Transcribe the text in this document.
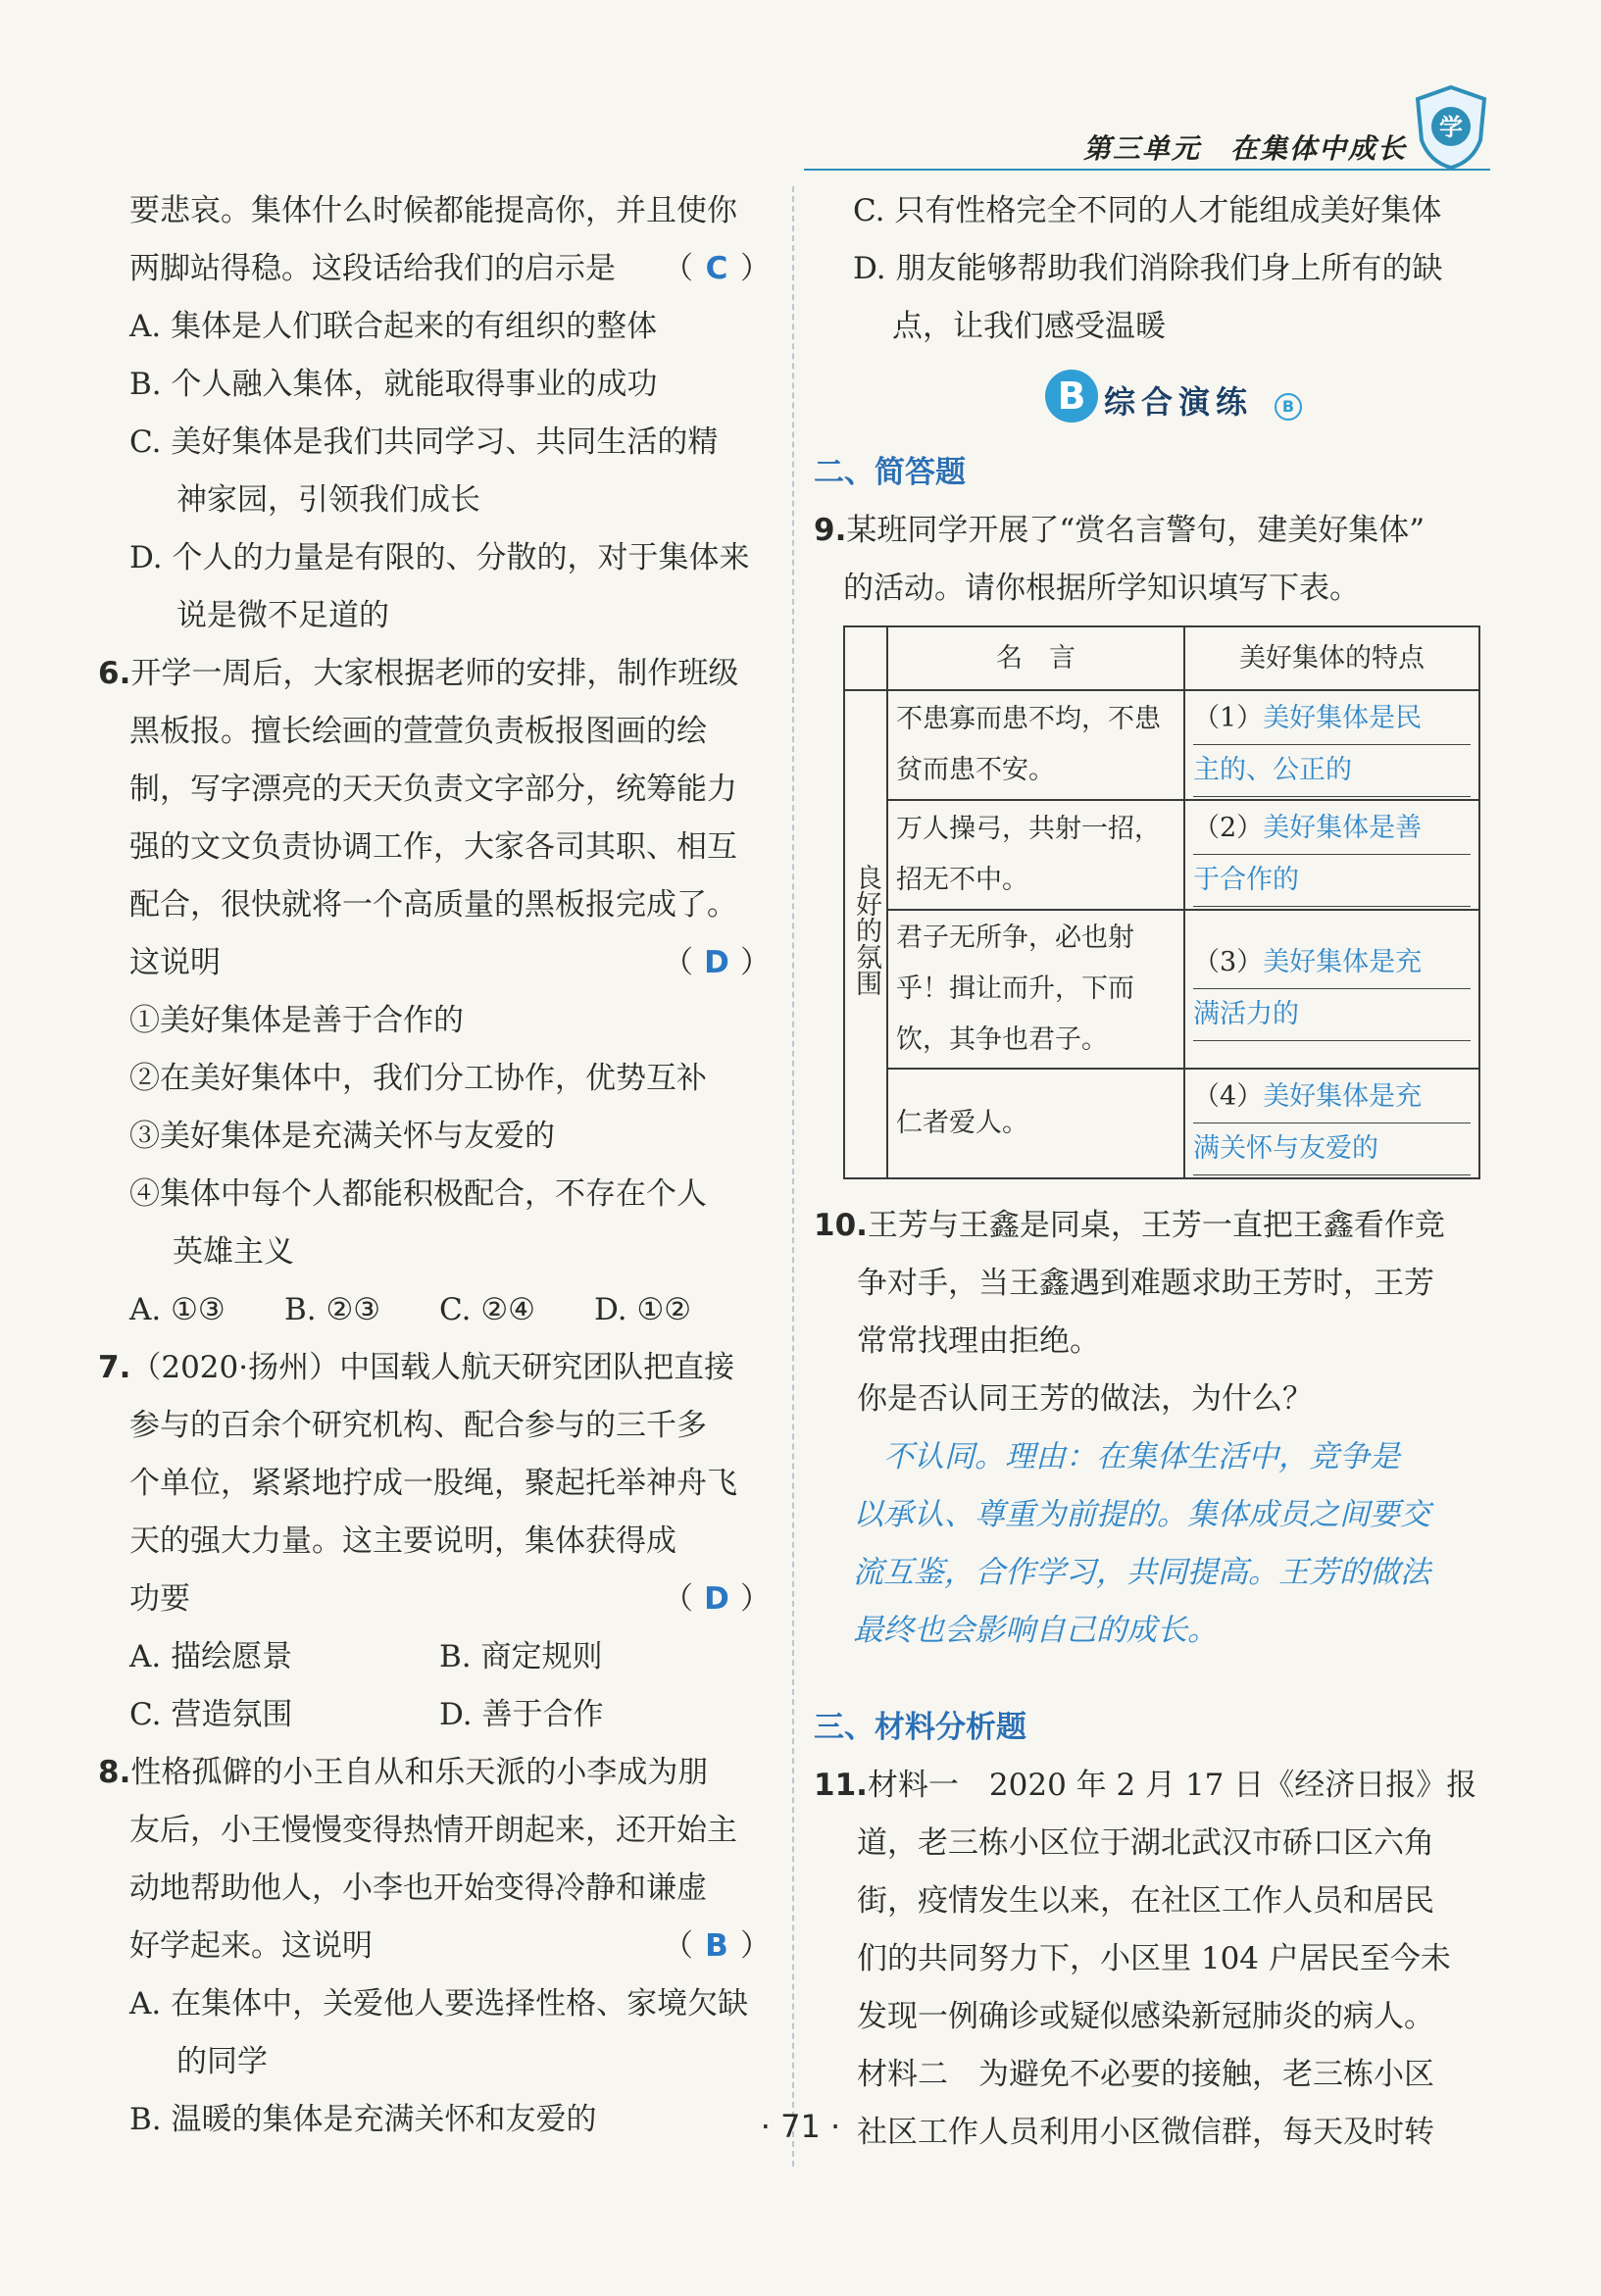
第三单元　在集体中成长
学
要悲哀。集体什么时候都能提高你，并且使你
两脚站得稳。这段话给我们的启示是 （ C ）
A. 集体是人们联合起来的有组织的整体
B. 个人融入集体，就能取得事业的成功
C. 美好集体是我们共同学习、共同生活的精
神家园，引领我们成长
D. 个人的力量是有限的、分散的，对于集体来
说是微不足道的
6.开学一周后，大家根据老师的安排，制作班级
黑板报。擅长绘画的萱萱负责板报图画的绘
制，写字漂亮的天天负责文字部分，统筹能力
强的文文负责协调工作，大家各司其职、相互
配合，很快就将一个高质量的黑板报完成了。
这说明	（ D ）
①美好集体是善于合作的
②在美好集体中，我们分工协作，优势互补
③美好集体是充满关怀与友爱的
④集体中每个人都能积极配合，不存在个人
英雄主义
A. ①③ B. ②③ C. ②④ D. ①②
7.（2020·扬州）中国载人航天研究团队把直接
参与的百余个研究机构、配合参与的三千多
个单位，紧紧地拧成一股绳，聚起托举神舟飞
天的强大力量。这主要说明，集体获得成
功要	（ D ）
A. 描绘愿景	B. 商定规则
C. 营造氛围	D. 善于合作
8.性格孤僻的小王自从和乐天派的小李成为朋
友后，小王慢慢变得热情开朗起来，还开始主
动地帮助他人，小李也开始变得冷静和谦虚
好学起来。这说明	（ B ）
A. 在集体中，关爱他人要选择性格、家境欠缺
的同学
B. 温暖的集体是充满关怀和友爱的
C. 只有性格完全不同的人才能组成美好集体
D. 朋友能够帮助我们消除我们身上所有的缺
点，让我们感受温暖
B 综合演练	B
二、简答题
9.某班同学开展了“赏名言警句，建美好集体”
的活动。请你根据所学知识填写下表。
	名　言	美好集体的特点
良好的氛围	不患寡而患不均，不患贫而患不安。	（1）美好集体是民
主的、公正的

	万人操弓，共射一招，招无不中。	（2）美好集体是善
于合作的

	君子无所争，必也射乎！揖让而升，下而饮，其争也君子。	（3）美好集体是充
满活力的

	仁者爱人。	（4）美好集体是充
满关怀与友爱的
10.王芳与王鑫是同桌，王芳一直把王鑫看作竞
争对手，当王鑫遇到难题求助王芳时，王芳
常常找理由拒绝。
你是否认同王芳的做法，为什么？
　不认同。理由：在集体生活中，竞争是
以承认、尊重为前提的。集体成员之间要交
流互鉴，合作学习，共同提高。王芳的做法
最终也会影响自己的成长。
三、材料分析题
11.材料一　2020 年 2 月 17 日《经济日报》报
道，老三栋小区位于湖北武汉市硚口区六角
街，疫情发生以来，在社区工作人员和居民
们的共同努力下，小区里 104 户居民至今未
发现一例确诊或疑似感染新冠肺炎的病人。
材料二　为避免不必要的接触，老三栋小区
社区工作人员利用小区微信群，每天及时转
· 71 ·
